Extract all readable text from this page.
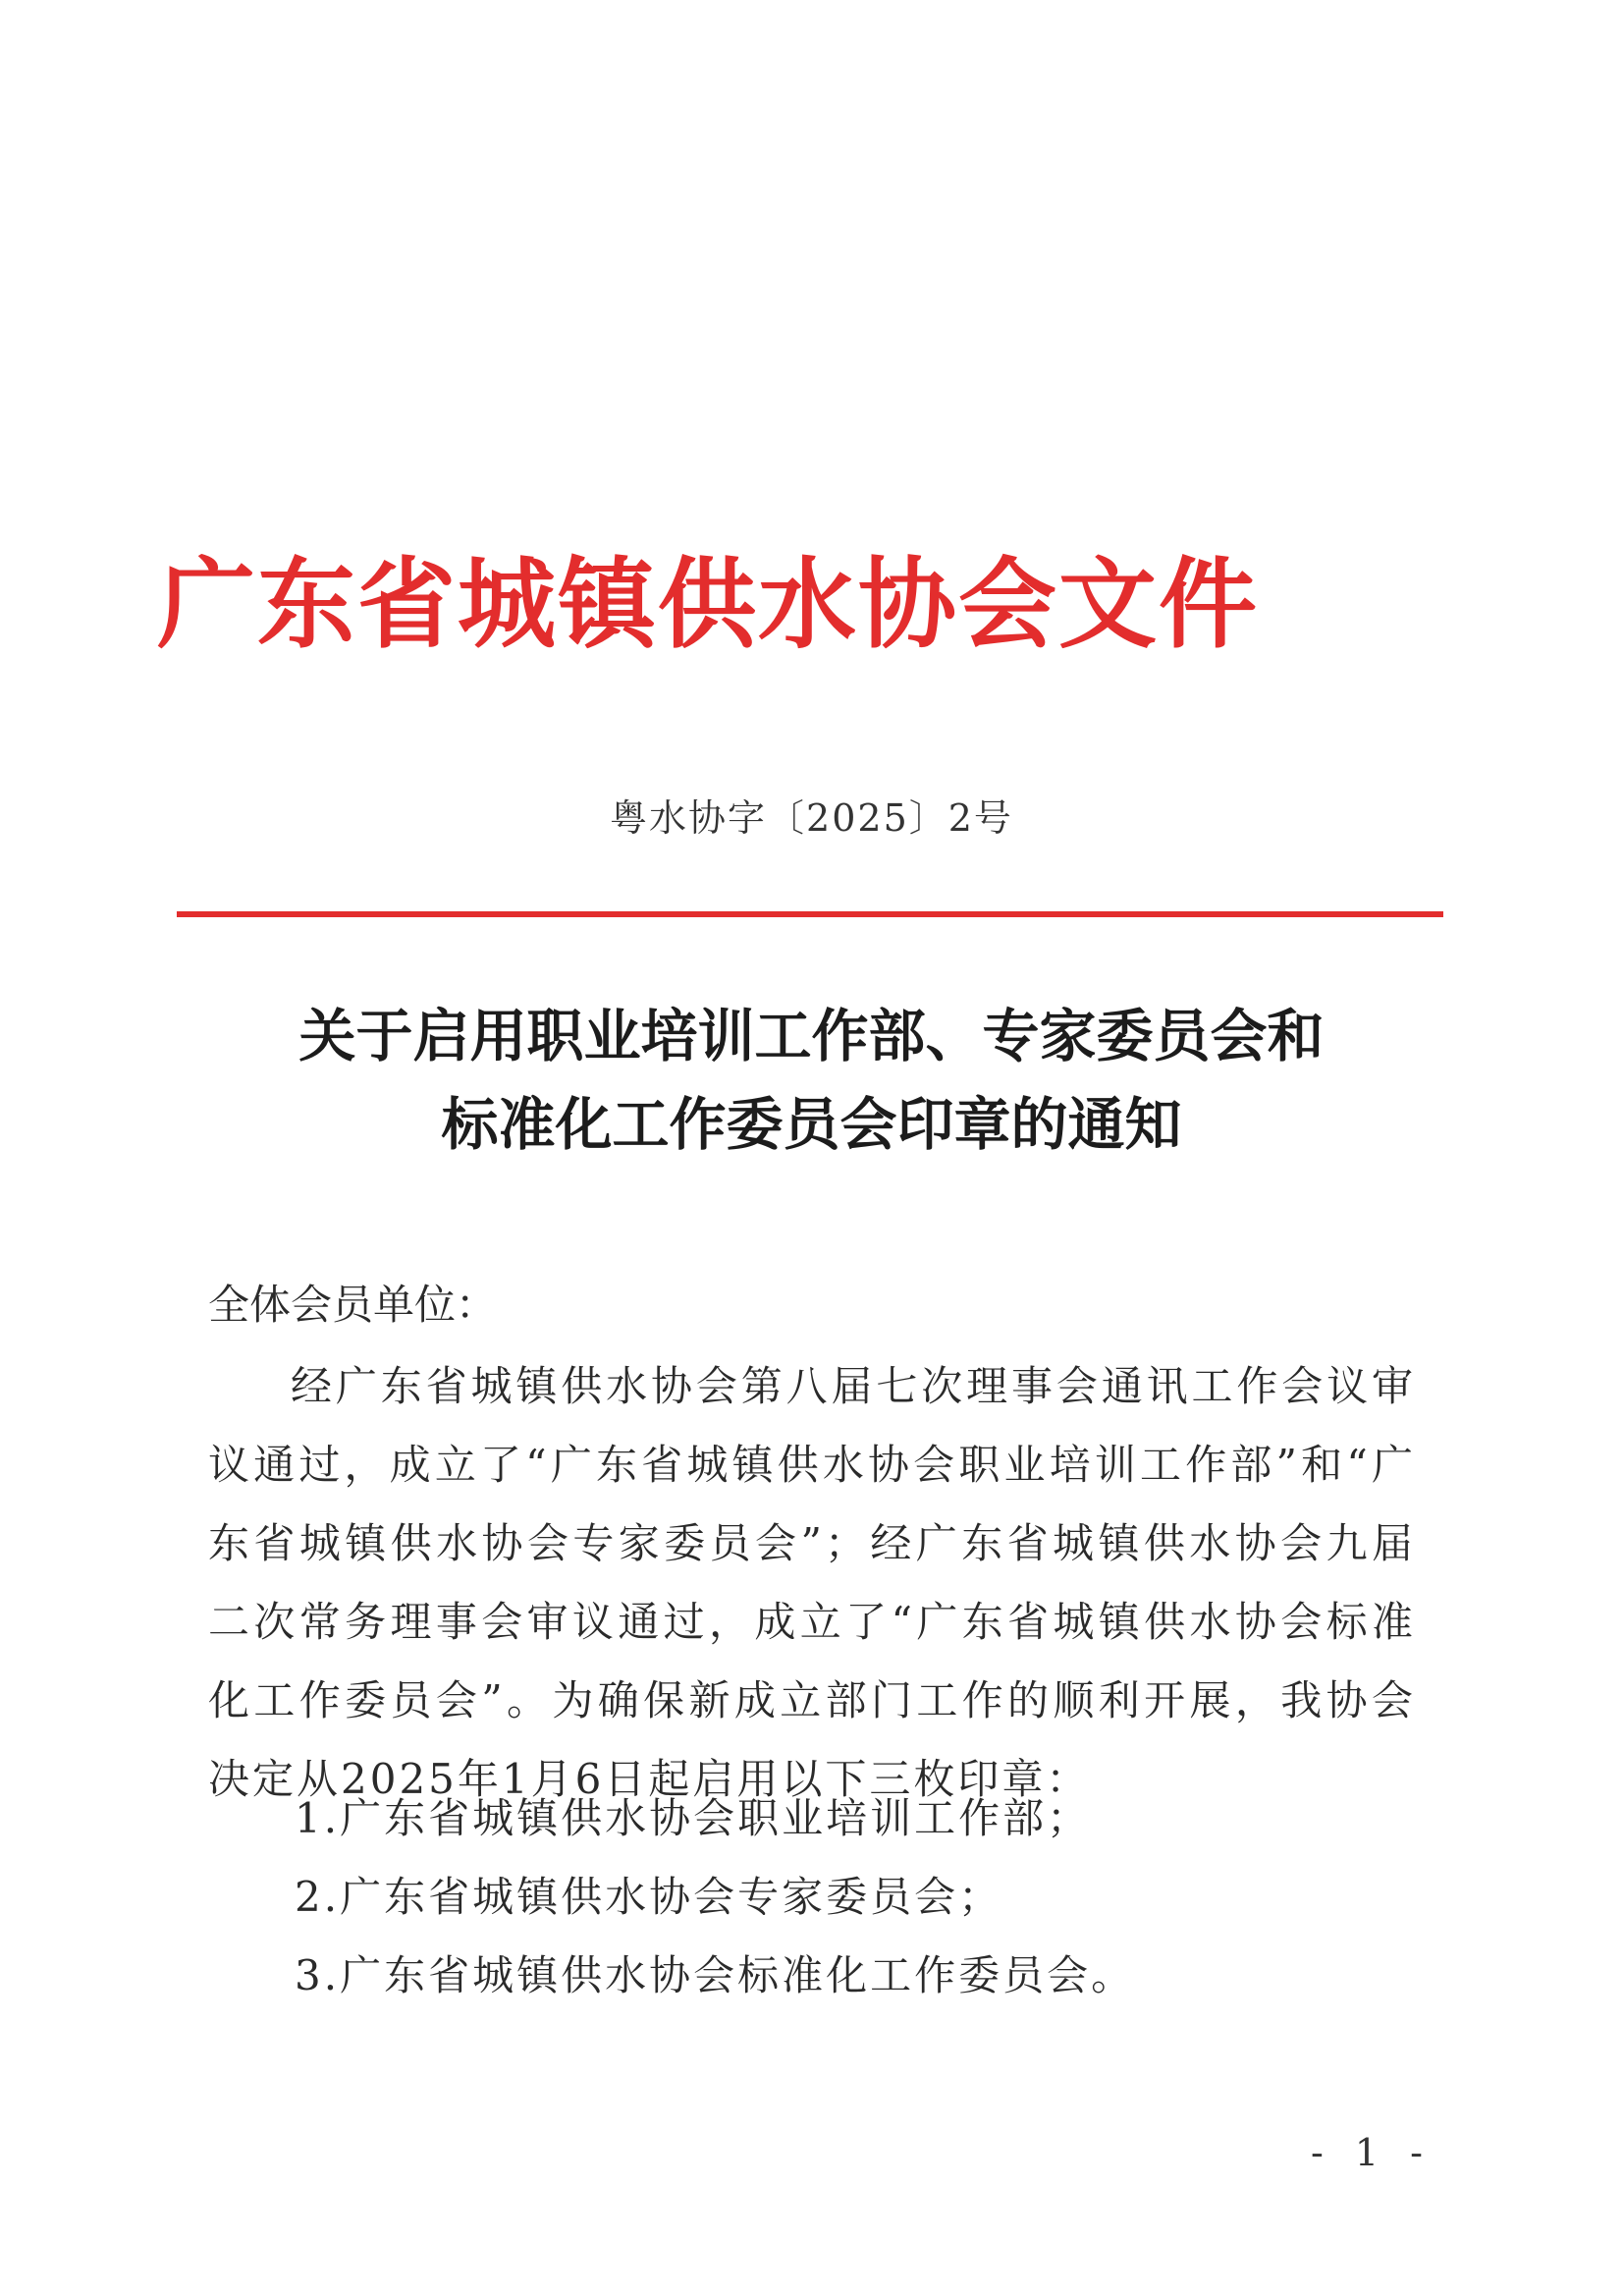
广东省城镇供水协会文件
粤水协字〔2025〕2号
关于启用职业培训工作部、专家委员会和
标准化工作委员会印章的通知
全体会员单位：
经广东省城镇供水协会第八届七次理事会通讯工作会议审
议通过，成立了“广东省城镇供水协会职业培训工作部”和“广
东省城镇供水协会专家委员会”；经广东省城镇供水协会九届
二次常务理事会审议通过，成立了“广东省城镇供水协会标准
化工作委员会”。为确保新成立部门工作的顺利开展，我协会
决定从2025年1月6日起启用以下三枚印章：
1.广东省城镇供水协会职业培训工作部；
2.广东省城镇供水协会专家委员会；
3.广东省城镇供水协会标准化工作委员会。
- 1 -
